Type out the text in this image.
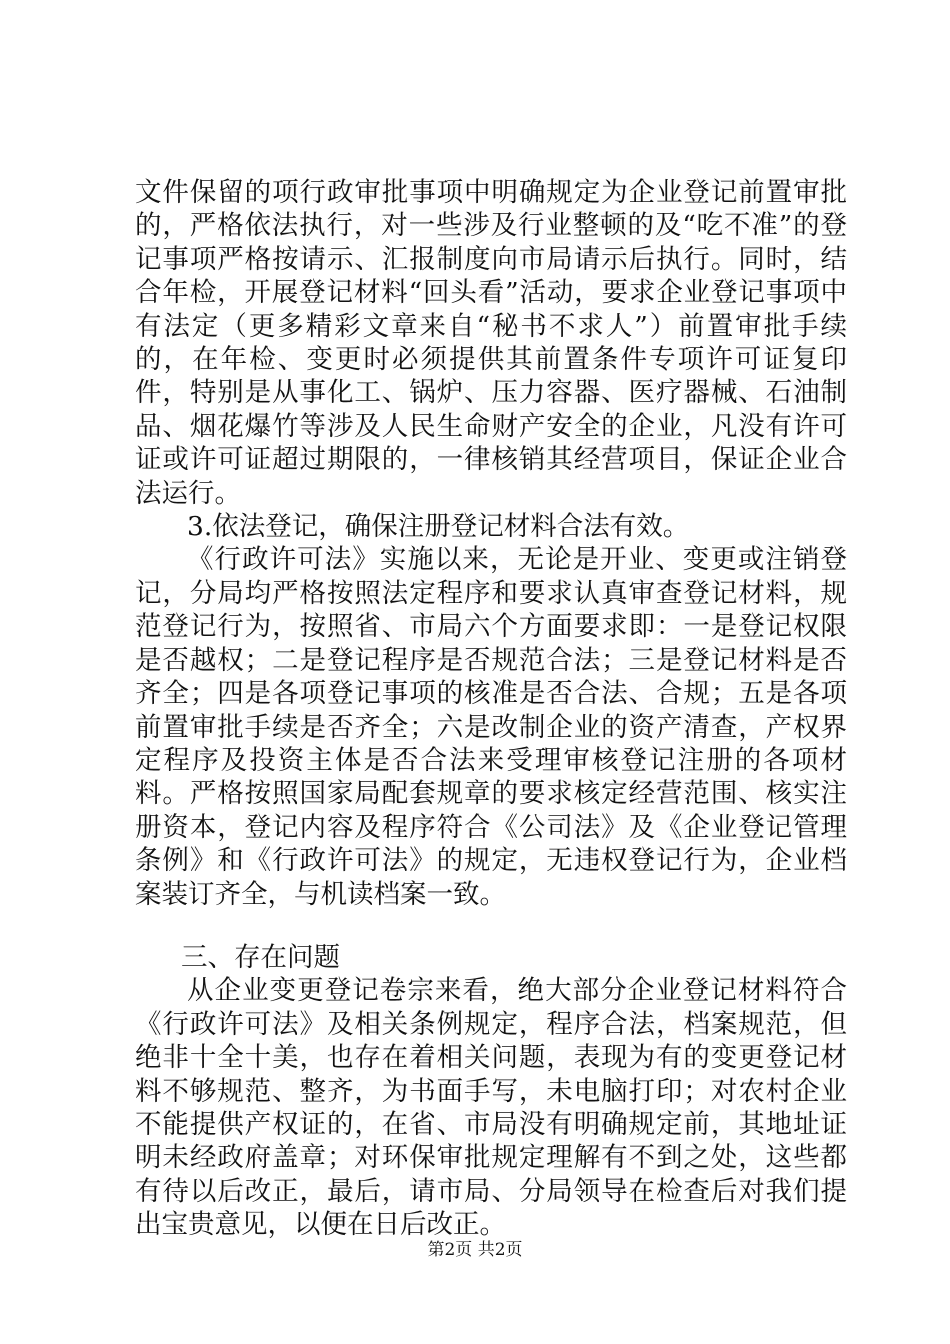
文件保留的项行政审批事项中明确规定为企业登记前置审批的，严格依法执行，对一些涉及行业整顿的及“吃不准”的登记事项严格按请示、汇报制度向市局请示后执行。同时，结合年检，开展登记材料“回头看”活动，要求企业登记事项中有法定（更多精彩文章来自“秘书不求人”）前置审批手续的，在年检、变更时必须提供其前置条件专项许可证复印件，特别是从事化工、锅炉、压力容器、医疗器械、石油制品、烟花爆竹等涉及人民生命财产安全的企业，凡没有许可证或许可证超过期限的，一律核销其经营项目，保证企业合法运行。

3.依法登记，确保注册登记材料合法有效。

《行政许可法》实施以来，无论是开业、变更或注销登记，分局均严格按照法定程序和要求认真审查登记材料，规范登记行为，按照省、市局六个方面要求即：一是登记权限是否越权；二是登记程序是否规范合法；三是登记材料是否齐全；四是各项登记事项的核准是否合法、合规；五是各项前置审批手续是否齐全；六是改制企业的资产清查，产权界定程序及投资主体是否合法来受理审核登记注册的各项材料。严格按照国家局配套规章的要求核定经营范围、核实注册资本，登记内容及程序符合《公司法》及《企业登记管理条例》和《行政许可法》的规定，无违权登记行为，企业档案装订齐全，与机读档案一致。

三、存在问题

从企业变更登记卷宗来看，绝大部分企业登记材料符合《行政许可法》及相关条例规定，程序合法，档案规范，但绝非十全十美，也存在着相关问题，表现为有的变更登记材料不够规范、整齐，为书面手写，未电脑打印；对农村企业不能提供产权证的，在省、市局没有明确规定前，其地址证明未经政府盖章；对环保审批规定理解有不到之处，这些都有待以后改正，最后，请市局、分局领导在检查后对我们提出宝贵意见，以便在日后改正。

第2页 共2页
